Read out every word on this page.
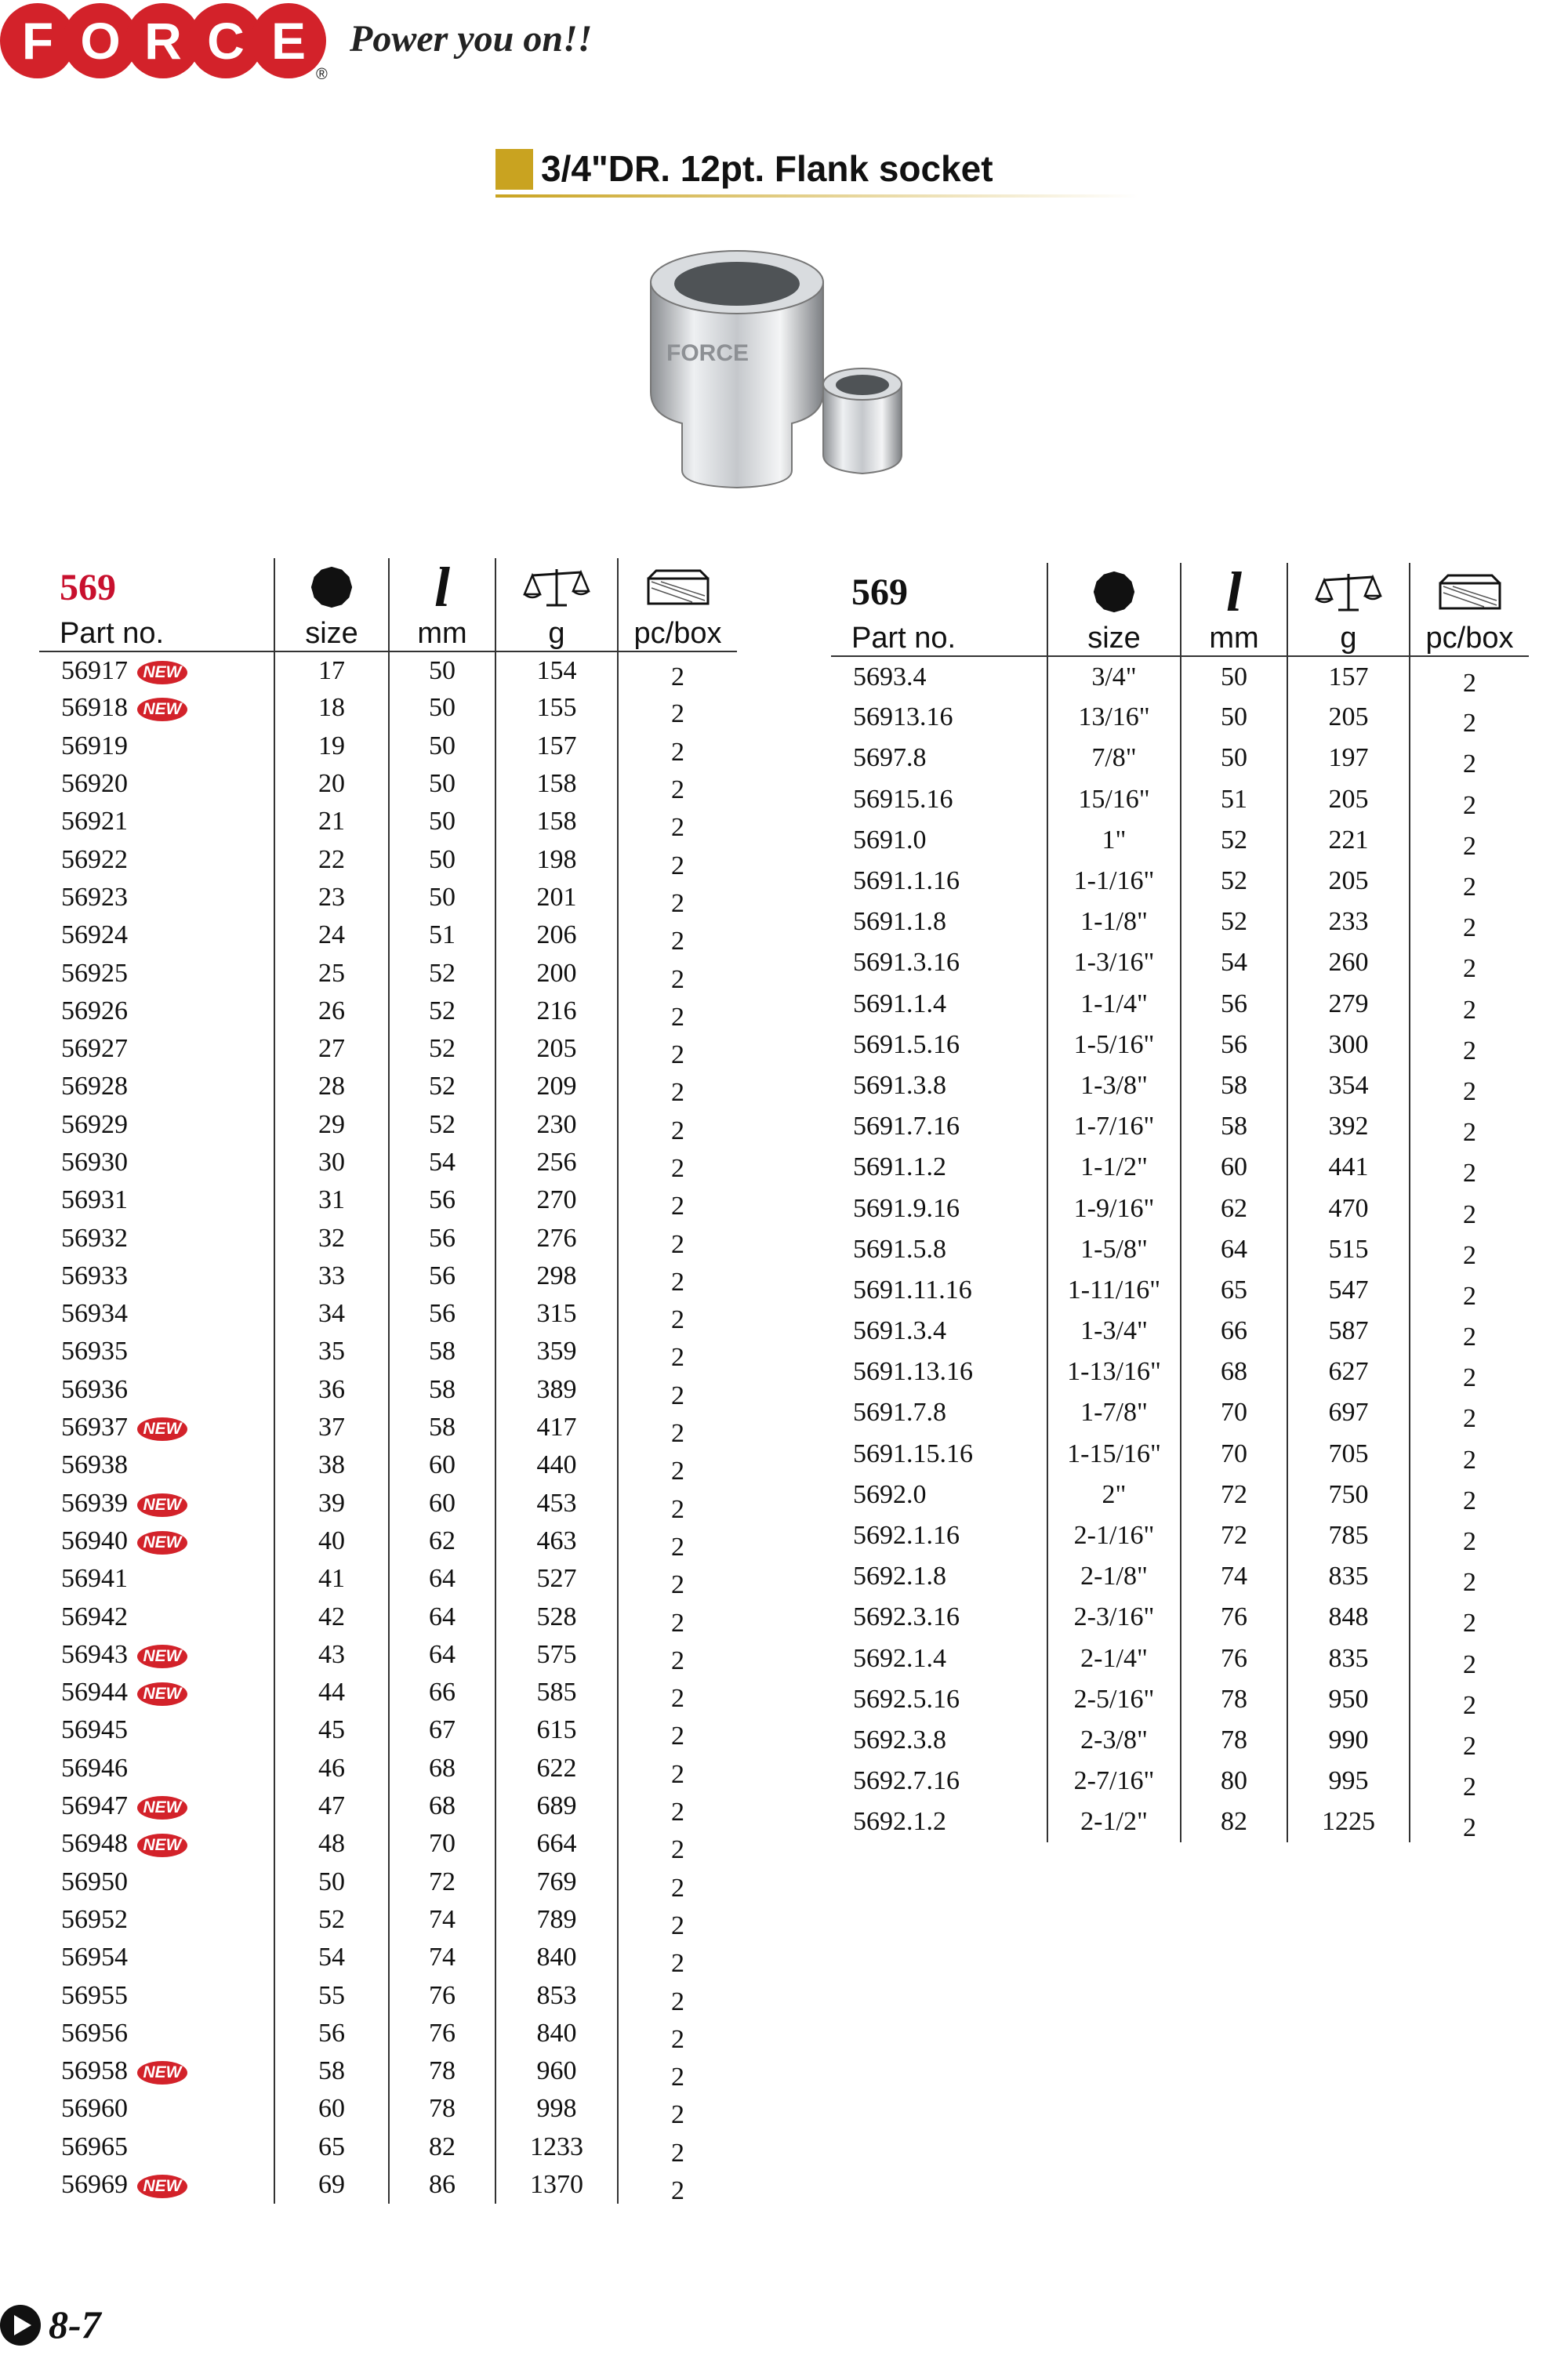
F O R C E
®
Power you on!!
3/4"DR. 12pt. Flank socket
FORCE
569		l

Part no.	size	mm	g	pc/box
56917 NEW	17	50	154	2
56918 NEW	18	50	155	2
56919	19	50	157	2
56920	20	50	158	2
56921	21	50	158	2
56922	22	50	198	2
56923	23	50	201	2
56924	24	51	206	2
56925	25	52	200	2
56926	26	52	216	2
56927	27	52	205	2
56928	28	52	209	2
56929	29	52	230	2
56930	30	54	256	2
56931	31	56	270	2
56932	32	56	276	2
56933	33	56	298	2
56934	34	56	315	2
56935	35	58	359	2
56936	36	58	389	2
56937 NEW	37	58	417	2
56938	38	60	440	2
56939 NEW	39	60	453	2
56940 NEW	40	62	463	2
56941	41	64	527	2
56942	42	64	528	2
56943 NEW	43	64	575	2
56944 NEW	44	66	585	2
56945	45	67	615	2
56946	46	68	622	2
56947 NEW	47	68	689	2
56948 NEW	48	70	664	2
56950	50	72	769	2
56952	52	74	789	2
56954	54	74	840	2
56955	55	76	853	2
56956	56	76	840	2
56958 NEW	58	78	960	2
56960	60	78	998	2
56965	65	82	1233	2
56969 NEW	69	86	1370	2
569		l

Part no.	size	mm	g	pc/box
5693.4	3/4"	50	157	2
56913.16	13/16"	50	205	2
5697.8	7/8"	50	197	2
56915.16	15/16"	51	205	2
5691.0	1"	52	221	2
5691.1.16	1-1/16"	52	205	2
5691.1.8	1-1/8"	52	233	2
5691.3.16	1-3/16"	54	260	2
5691.1.4	1-1/4"	56	279	2
5691.5.16	1-5/16"	56	300	2
5691.3.8	1-3/8"	58	354	2
5691.7.16	1-7/16"	58	392	2
5691.1.2	1-1/2"	60	441	2
5691.9.16	1-9/16"	62	470	2
5691.5.8	1-5/8"	64	515	2
5691.11.16	1-11/16"	65	547	2
5691.3.4	1-3/4"	66	587	2
5691.13.16	1-13/16"	68	627	2
5691.7.8	1-7/8"	70	697	2
5691.15.16	1-15/16"	70	705	2
5692.0	2"	72	750	2
5692.1.16	2-1/16"	72	785	2
5692.1.8	2-1/8"	74	835	2
5692.3.16	2-3/16"	76	848	2
5692.1.4	2-1/4"	76	835	2
5692.5.16	2-5/16"	78	950	2
5692.3.8	2-3/8"	78	990	2
5692.7.16	2-7/16"	80	995	2
5692.1.2	2-1/2"	82	1225	2
8-7
